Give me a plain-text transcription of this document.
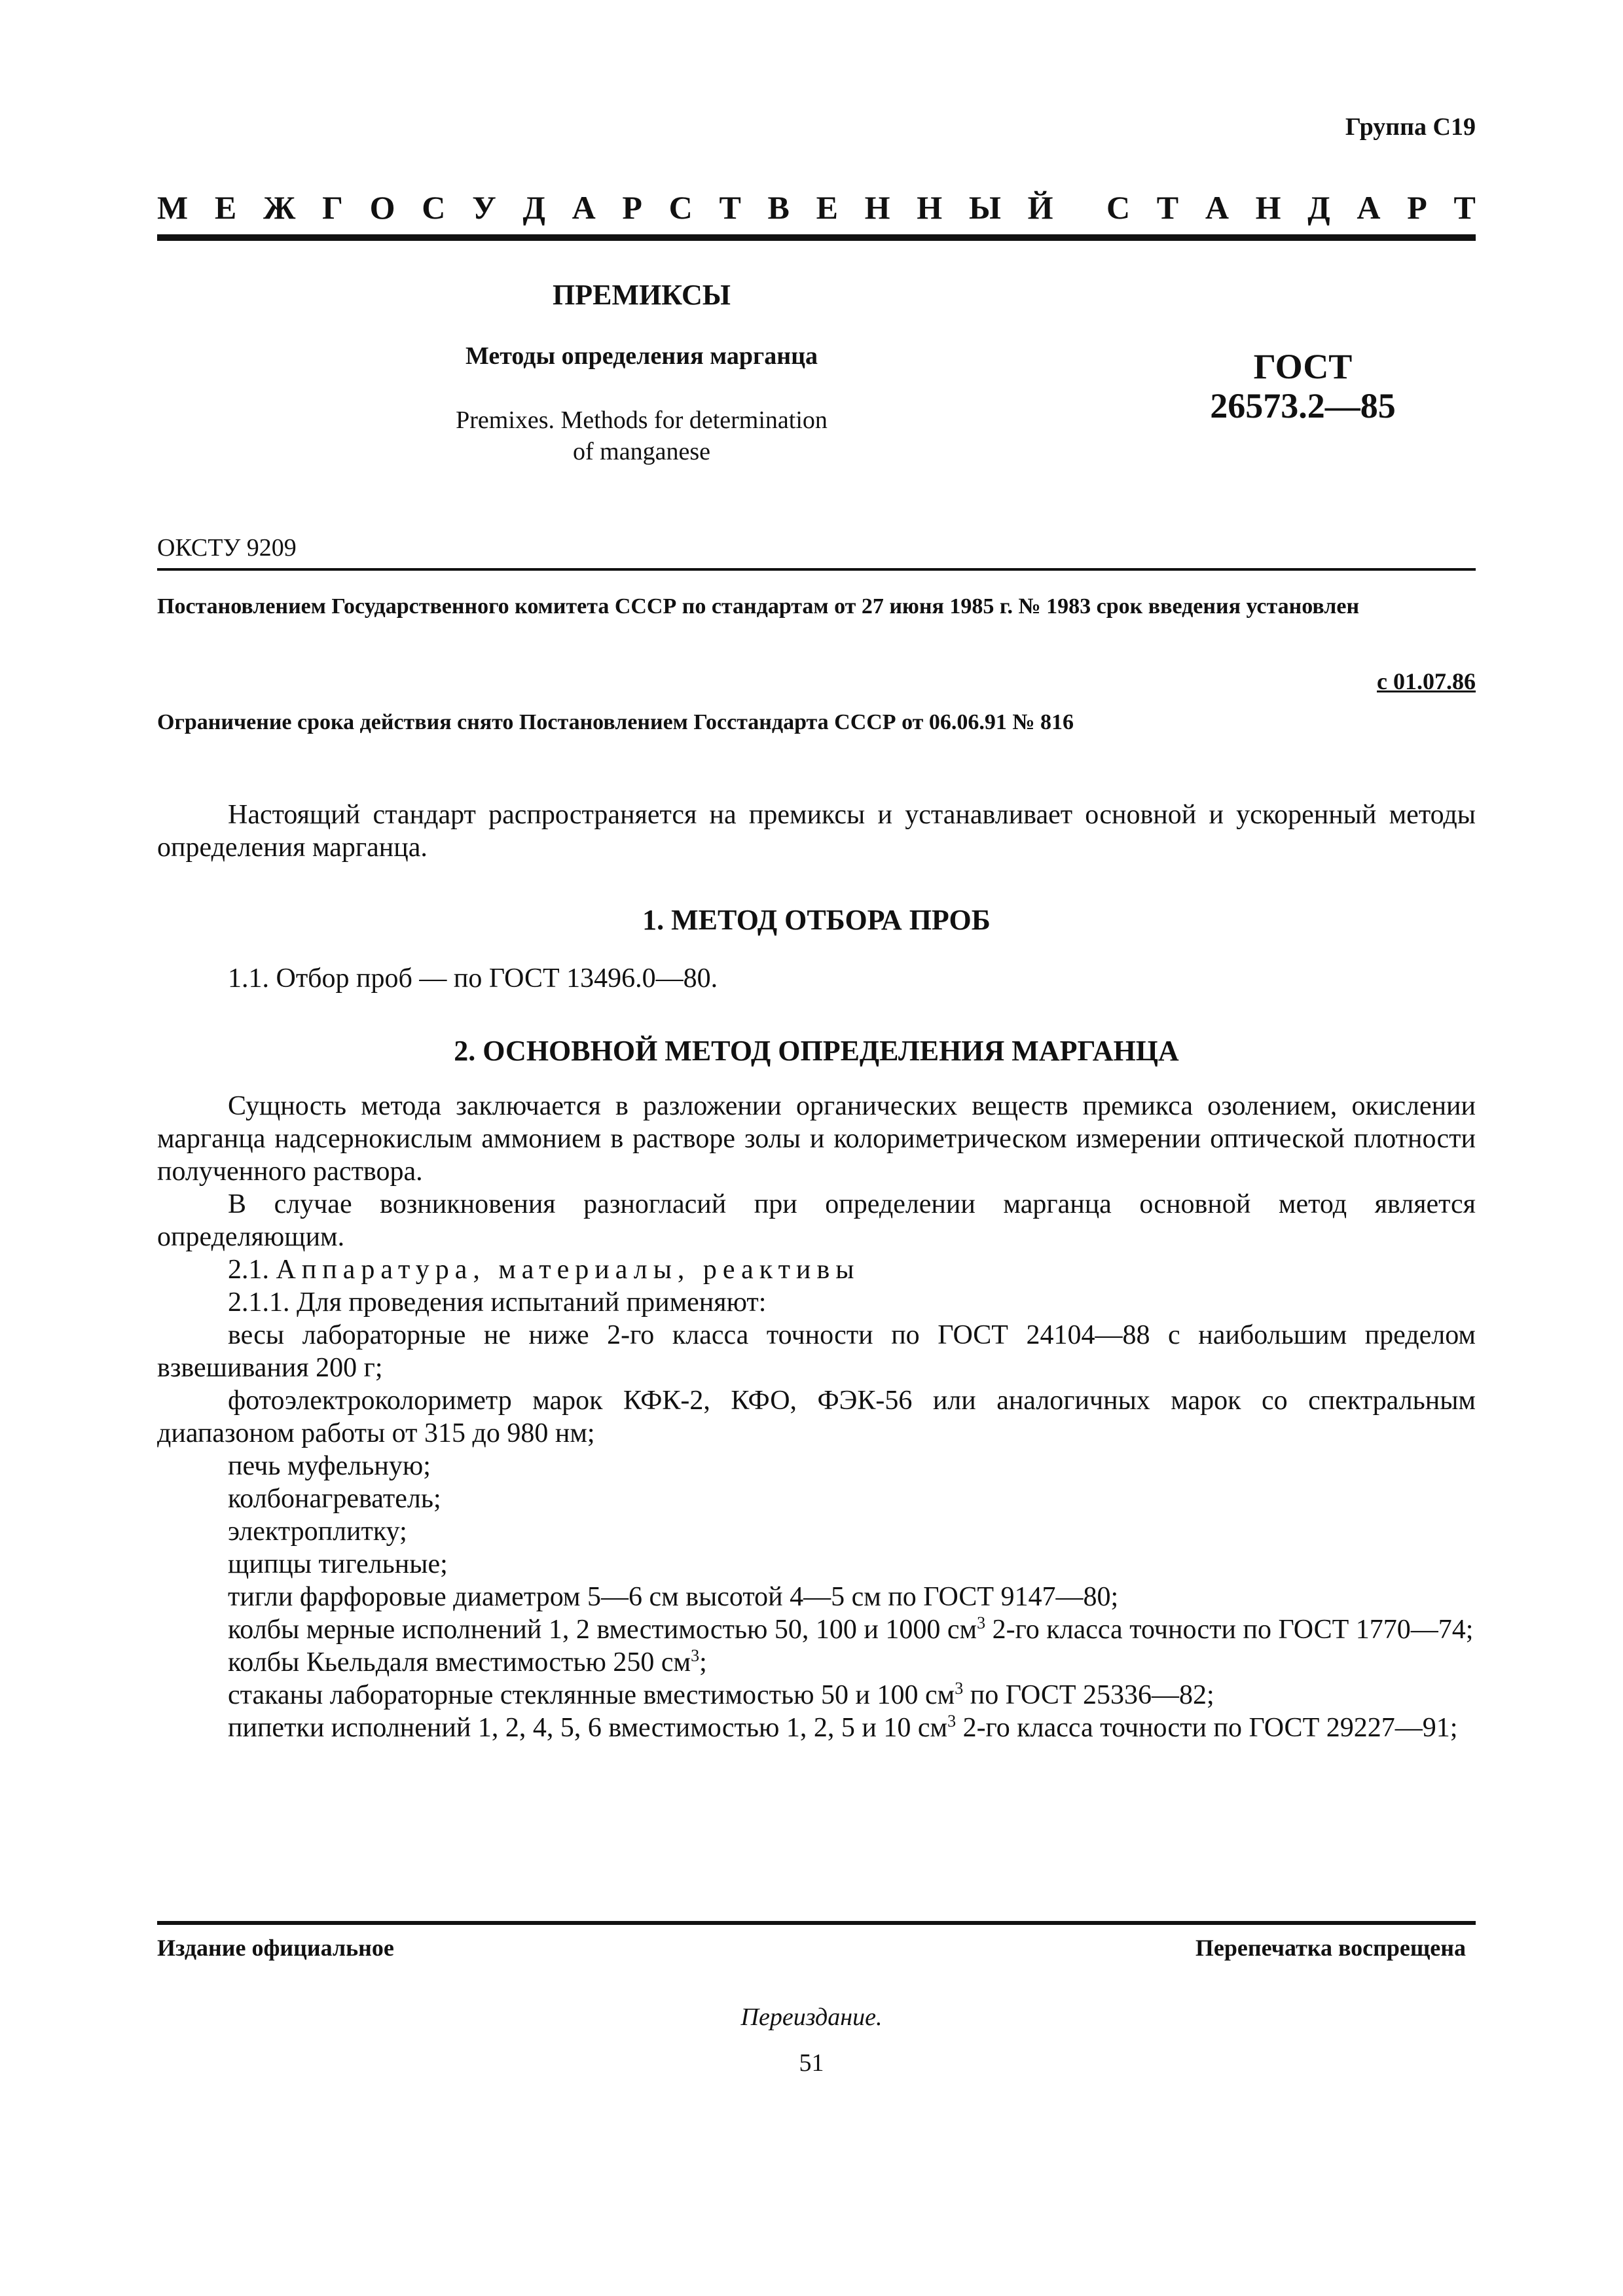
Группа С19
М Е Ж Г О С У Д А Р С Т В Е Н Н Ы Й С Т А Н Д А Р Т
ПРЕМИКСЫ
Методы определения марганца
Premixes. Methods for determination
of manganese
ГОСТ
26573.2—85
ОКСТУ 9209
Постановлением Государственного комитета СССР по стандартам от 27 июня 1985 г. № 1983 срок введения установлен
с 01.07.86
Ограничение срока действия снято Постановлением Госстандарта СССР от 06.06.91 № 816

Настоящий стандарт распространяется на премиксы и устанавливает основной и ускоренный методы определения марганца.

1. МЕТОД ОТБОРА ПРОБ

1.1. Отбор проб — по ГОСТ 13496.0—80.

2. ОСНОВНОЙ МЕТОД ОПРЕДЕЛЕНИЯ МАРГАНЦА

Сущность метода заключается в разложении органических веществ премикса озолением, окислении марганца надсернокислым аммонием в растворе золы и колориметрическом измерении оптической плотности полученного раствора.

В случае возникновения разногласий при определении марганца основной метод является определяющим.

2.1. Аппаратура, материалы, реактивы

2.1.1. Для проведения испытаний применяют:

весы лабораторные не ниже 2-го класса точности по ГОСТ 24104—88 с наибольшим пределом взвешивания 200 г;

фотоэлектроколориметр марок КФК-2, КФО, ФЭК-56 или аналогичных марок со спектральным диапазоном работы от 315 до 980 нм;

печь муфельную;

колбонагреватель;

электроплитку;

щипцы тигельные;

тигли фарфоровые диаметром 5—6 см высотой 4—5 см по ГОСТ 9147—80;

колбы мерные исполнений 1, 2 вместимостью 50, 100 и 1000 $см^3$ 2-го класса точности по ГОСТ 1770—74;

колбы Кьельдаля вместимостью 250 $см^3$;

стаканы лабораторные стеклянные вместимостью 50 и 100 $см^3$ по ГОСТ 25336—82;

пипетки исполнений 1, 2, 4, 5, 6 вместимостью 1, 2, 5 и 10 $см^3$ 2-го класса точности по ГОСТ 29227—91;

Издание официальное	Перепечатка воспрещена
Переиздание.
51
